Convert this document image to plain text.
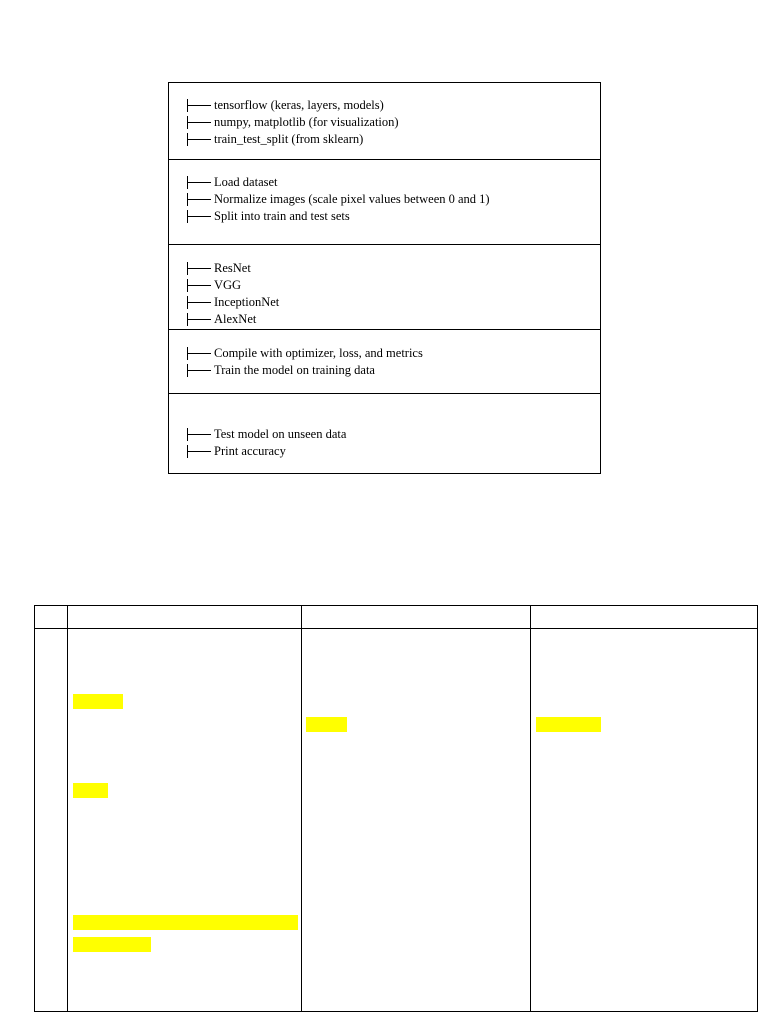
tensorflow (keras, layers, models)
numpy, matplotlib (for visualization)
train_test_split (from sklearn)
Load dataset
Normalize images (scale pixel values between 0 and 1)
Split into train and test sets
ResNet
VGG
InceptionNet
AlexNet
Compile with optimizer, loss, and metrics
Train the model on training data
Test model on unseen data
Print accuracy
